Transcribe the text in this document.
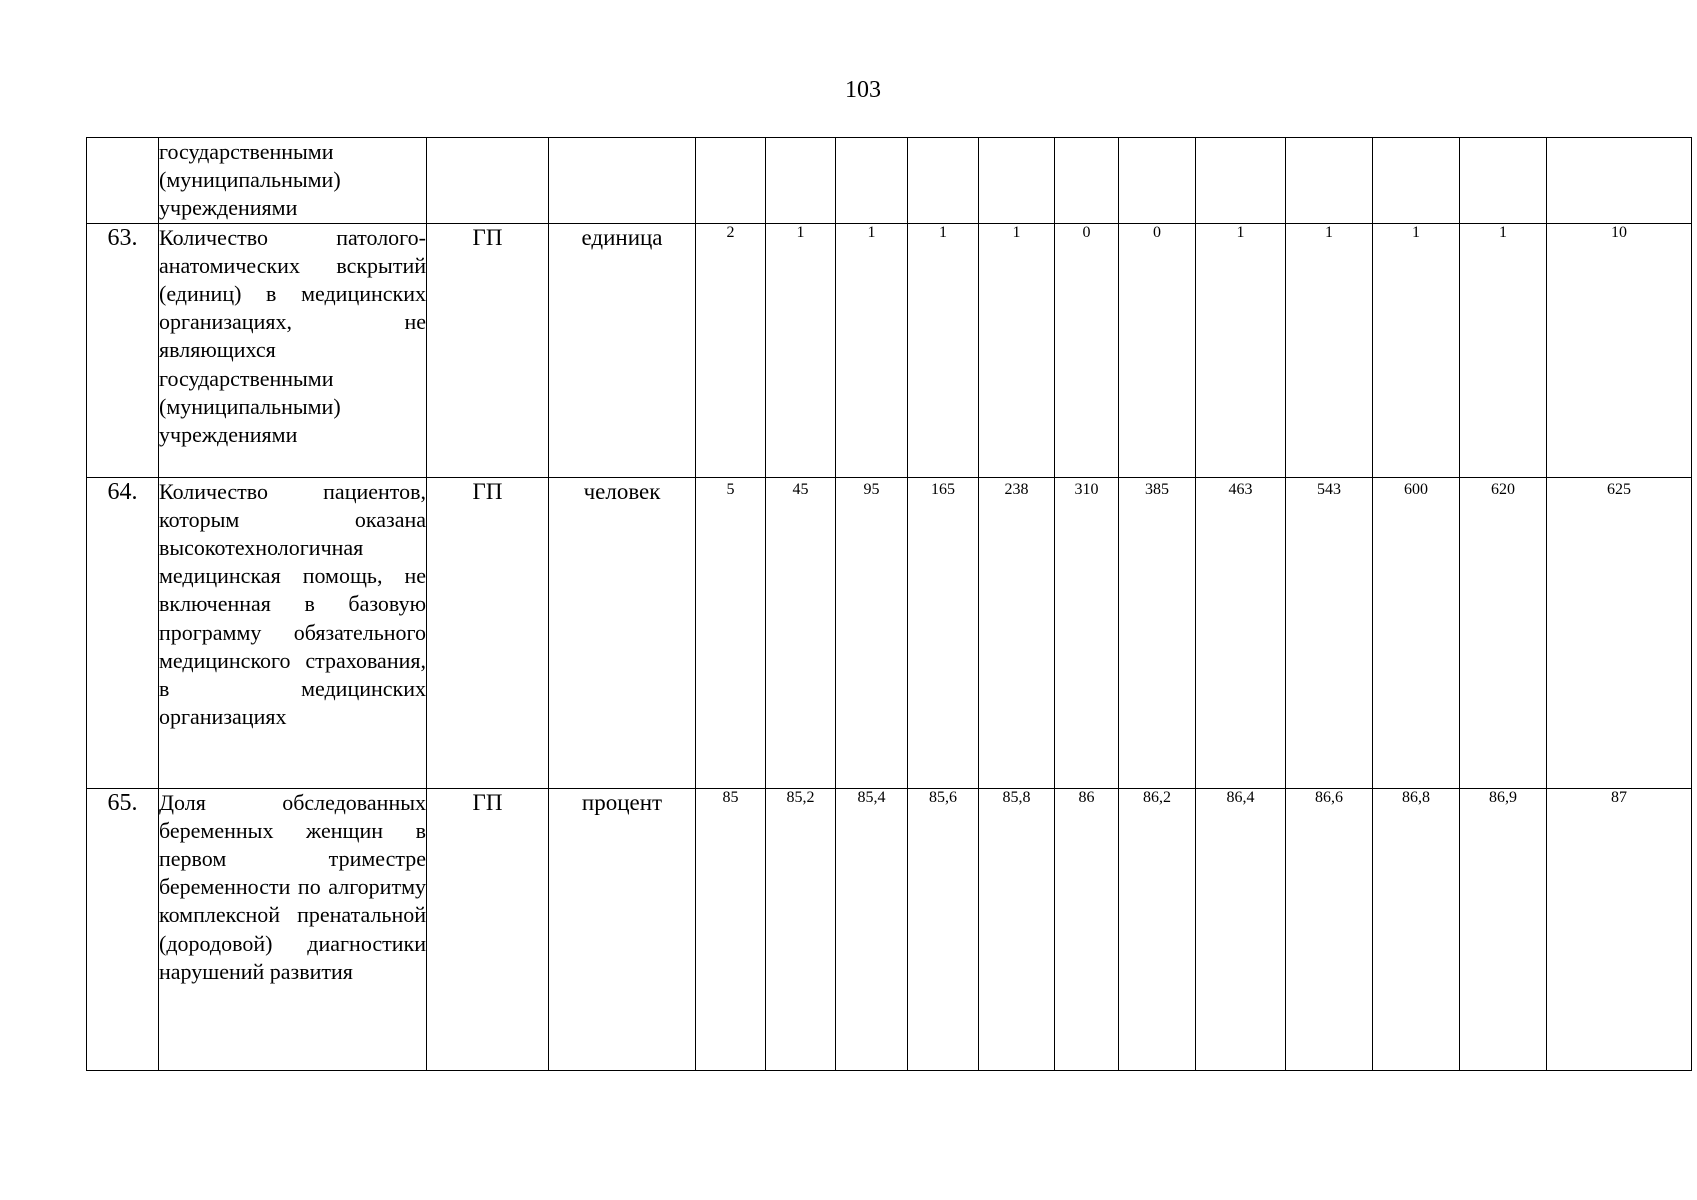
103

	государственными (муниципальными) учреждениями														

63.	Количество патолого-анатомических вскрытий (единиц) в медицинских организациях, не являющихся государственными (муниципальными) учреждениями	ГП	единица	2	1	1	1	1	0	0	1	1	1	1	10
64.	Количество пациентов, которым оказана высокотехнологичная медицинская помощь, не включенная в базовую программу обязательного медицинского страхования, в медицинских организациях	ГП	человек	5	45	95	165	238	310	385	463	543	600	620	625
65.	Доля обследованных беременных женщин в первом триместре беременности по алгоритму комплексной пренатальной (дородовой) диагностики нарушений развития	ГП	процент	85	85,2	85,4	85,6	85,8	86	86,2	86,4	86,6	86,8	86,9	87
